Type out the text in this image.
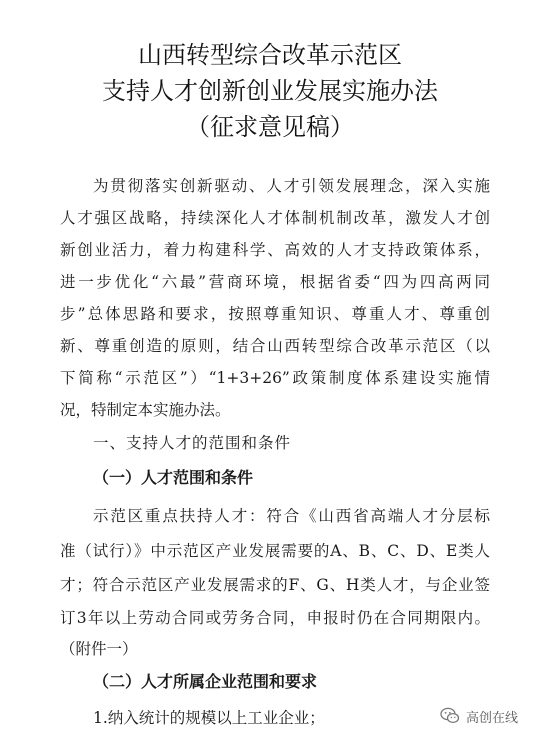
山西转型综合改革示范区
支持人才创新创业发展实施办法
（征求意见稿）
为贯彻落实创新驱动、人才引领发展理念，深入实施
人才强区战略，持续深化人才体制机制改革，激发人才创
新创业活力，着力构建科学、高效的人才支持政策体系，
进一步优化“六最”营商环境，根据省委“四为四高两同
步”总体思路和要求，按照尊重知识、尊重人才、尊重创
新、尊重创造的原则，结合山西转型综合改革示范区（以
下简称“示范区”）“1+3+26”政策制度体系建设实施情
况，特制定本实施办法。
一、支持人才的范围和条件
（一）人才范围和条件
示范区重点扶持人才：符合《山西省高端人才分层标
准（试行）》中示范区产业发展需要的A、B、C、D、E类人
才；符合示范区产业发展需求的F、G、H类人才，与企业签
订3年以上劳动合同或劳务合同，申报时仍在合同期限内。
（附件一）
（二）人才所属企业范围和要求
1.纳入统计的规模以上工业企业；	高创在线
